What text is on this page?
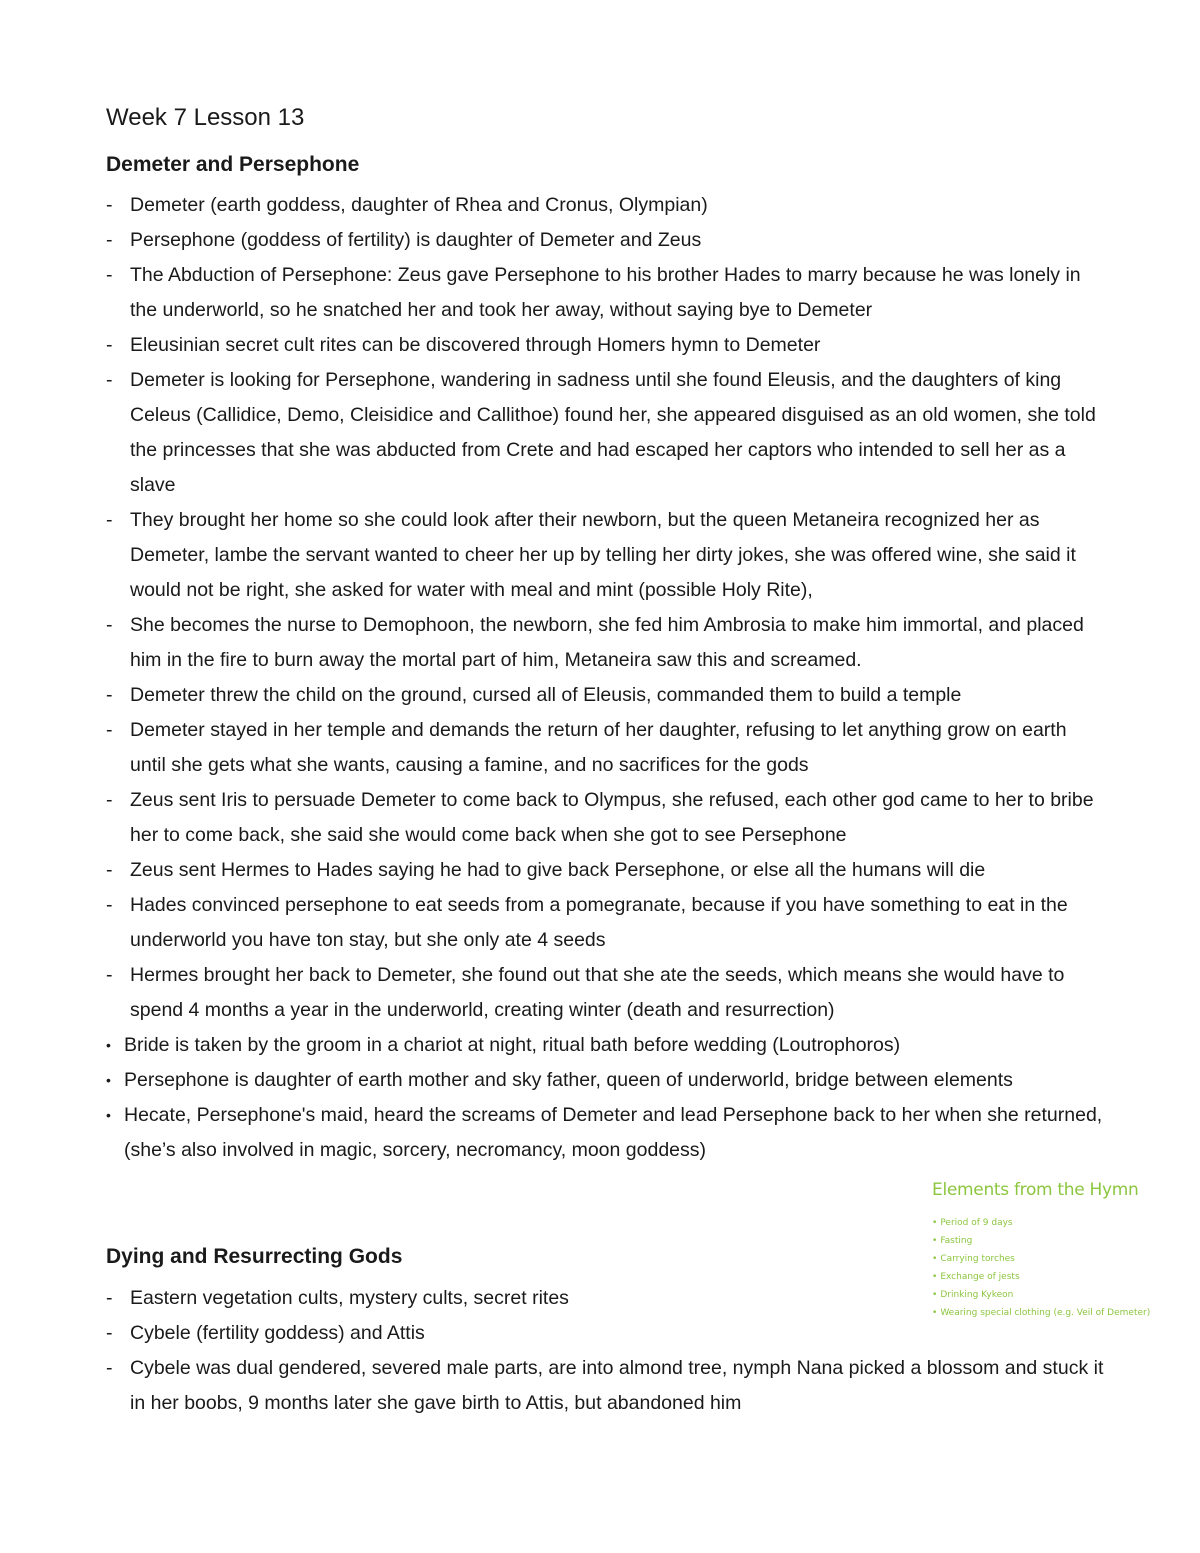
Week 7 Lesson 13
Demeter and Persephone
- Demeter (earth goddess, daughter of Rhea and Cronus, Olympian)
- Persephone (goddess of fertility) is daughter of Demeter and Zeus
- The Abduction of Persephone: Zeus gave Persephone to his brother Hades to marry because he was lonely in the underworld, so he snatched her and took her away, without saying bye to Demeter
- Eleusinian secret cult rites can be discovered through Homers hymn to Demeter
- Demeter is looking for Persephone, wandering in sadness until she found Eleusis, and the daughters of king Celeus (Callidice, Demo, Cleisidice and Callithoe) found her, she appeared disguised as an old women, she told the princesses that she was abducted from Crete and had escaped her captors who intended to sell her as a slave
- They brought her home so she could look after their newborn, but the queen Metaneira recognized her as Demeter, lambe the servant wanted to cheer her up by telling her dirty jokes, she was offered wine, she said it would not be right, she asked for water with meal and mint (possible Holy Rite),
- She becomes the nurse to Demophoon, the newborn, she fed him Ambrosia to make him immortal, and placed him in the fire to burn away the mortal part of him, Metaneira saw this and screamed.
- Demeter threw the child on the ground, cursed all of Eleusis, commanded them to build a temple
- Demeter stayed in her temple and demands the return of her daughter, refusing to let anything grow on earth until she gets what she wants, causing a famine, and no sacrifices for the gods
- Zeus sent Iris to persuade Demeter to come back to Olympus, she refused, each other god came to her to bribe her to come back, she said she would come back when she got to see Persephone
- Zeus sent Hermes to Hades saying he had to give back Persephone, or else all the humans will die
- Hades convinced persephone to eat seeds from a pomegranate, because if you have something to eat in the underworld you have ton stay, but she only ate 4 seeds
- Hermes brought her back to Demeter, she found out that she ate the seeds, which means she would have to spend 4 months a year in the underworld, creating winter (death and resurrection)
• Bride is taken by the groom in a chariot at night, ritual bath before wedding (Loutrophoros)
• Persephone is daughter of earth mother and sky father, queen of underworld, bridge between elements
• Hecate, Persephone's maid, heard the screams of Demeter and lead Persephone back to her when she returned, (she’s also involved in magic, sorcery, necromancy, moon goddess)
Dying and Resurrecting Gods
- Eastern vegetation cults, mystery cults, secret rites
- Cybele (fertility goddess) and Attis
- Cybele was dual gendered, severed male parts, are into almond tree, nymph Nana picked a blossom and stuck it in her boobs, 9 months later she gave birth to Attis, but abandoned him
Elements from the Hymn
• Period of 9 days
• Fasting
• Carrying torches
• Exchange of jests
• Drinking Kykeon
• Wearing special clothing (e.g. Veil of Demeter)
